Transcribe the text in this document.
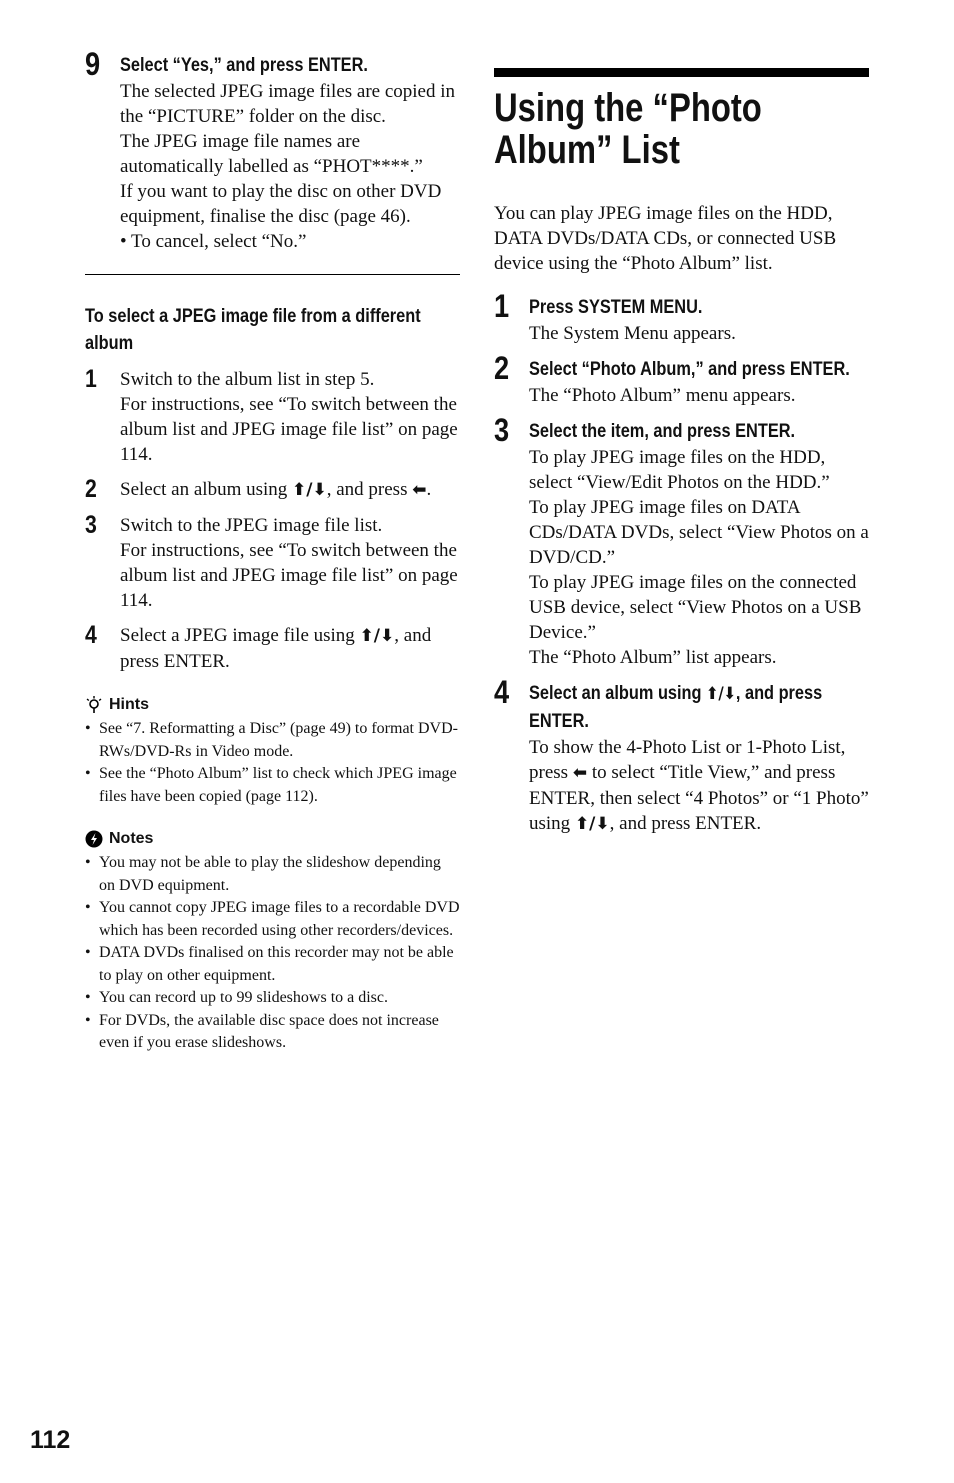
9 Select “Yes,” and press ENTER.
The selected JPEG image files are copied in the “PICTURE” folder on the disc.
The JPEG image file names are automatically labelled as “PHOT****.”
If you want to play the disc on other DVD equipment, finalise the disc (page 46).
• To cancel, select “No.”
To select a JPEG image file from a different album
1 Switch to the album list in step 5.
For instructions, see “To switch between the album list and JPEG image file list” on page 114.
2 Select an album using ⬆/⬇, and press ⬅.
3 Switch to the JPEG image file list.
For instructions, see “To switch between the album list and JPEG image file list” on page 114.
4 Select a JPEG image file using ⬆/⬇, and press ENTER.
Hints
• See “7. Reformatting a Disc” (page 49) to format DVD-RWs/DVD-Rs in Video mode.
• See the “Photo Album” list to check which JPEG image files have been copied (page 112).
Notes
• You may not be able to play the slideshow depending on DVD equipment.
• You cannot copy JPEG image files to a recordable DVD which has been recorded using other recorders/devices.
• DATA DVDs finalised on this recorder may not be able to play on other equipment.
• You can record up to 99 slideshows to a disc.
• For DVDs, the available disc space does not increase even if you erase slideshows.
Using the “Photo
Album” List
You can play JPEG image files on the HDD, DATA DVDs/DATA CDs, or connected USB device using the “Photo Album” list.
1 Press SYSTEM MENU.
The System Menu appears.
2 Select “Photo Album,” and press ENTER.
The “Photo Album” menu appears.
3 Select the item, and press ENTER.
To play JPEG image files on the HDD, select “View/Edit Photos on the HDD.”
To play JPEG image files on DATA CDs/DATA DVDs, select “View Photos on a DVD/CD.”
To play JPEG image files on the connected USB device, select “View Photos on a USB Device.”
The “Photo Album” list appears.
4 Select an album using ⬆/⬇, and press ENTER.
To show the 4-Photo List or 1-Photo List, press ⬅ to select “Title View,” and press ENTER, then select “4 Photos” or “1 Photo” using ⬆/⬇, and press ENTER.
112
